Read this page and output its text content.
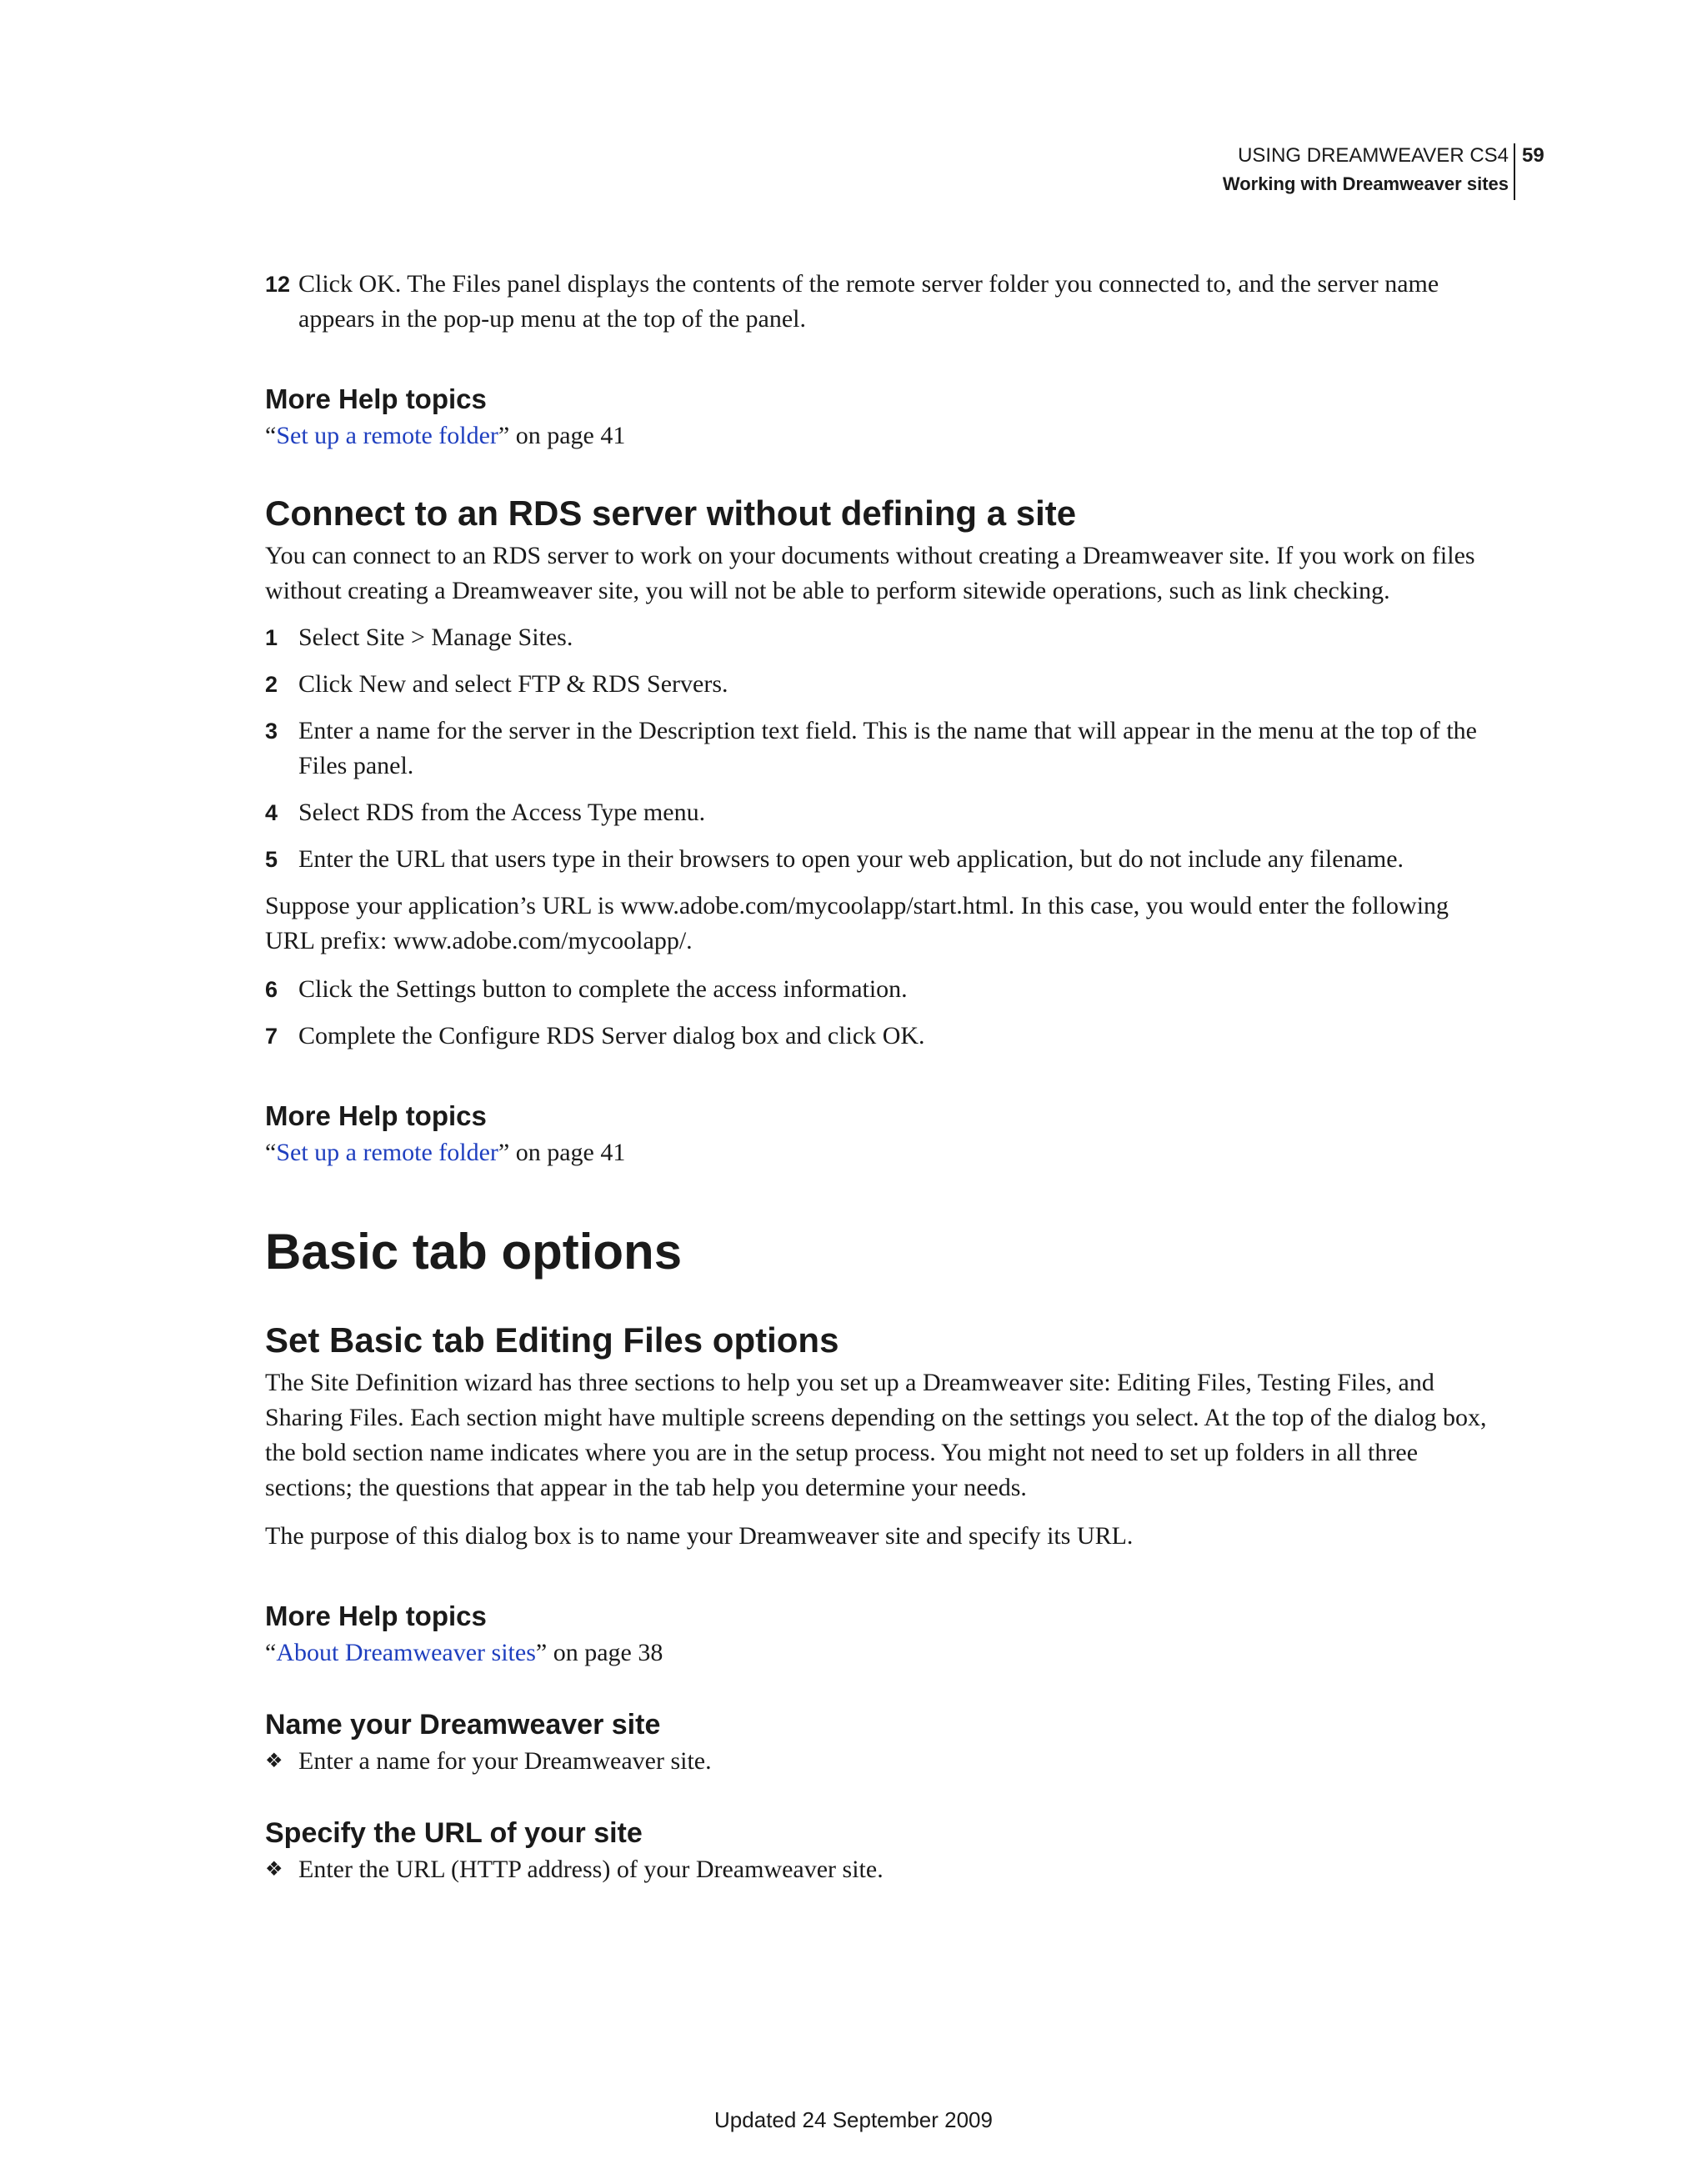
USING DREAMWEAVER CS4
Working with Dreamweaver sites
59
12 Click OK. The Files panel displays the contents of the remote server folder you connected to, and the server name appears in the pop-up menu at the top of the panel.
More Help topics

“Set up a remote folder” on page 41

Connect to an RDS server without defining a site

You can connect to an RDS server to work on your documents without creating a Dreamweaver site. If you work on files without creating a Dreamweaver site, you will not be able to perform sitewide operations, such as link checking.

1 Select Site > Manage Sites.
2 Click New and select FTP & RDS Servers.
3 Enter a name for the server in the Description text field. This is the name that will appear in the menu at the top of the Files panel.
4 Select RDS from the Access Type menu.
5 Enter the URL that users type in their browsers to open your web application, but do not include any filename.

Suppose your application’s URL is www.adobe.com/mycoolapp/start.html. In this case, you would enter the following URL prefix: www.adobe.com/mycoolapp/.

6 Click the Settings button to complete the access information.
7 Complete the Configure RDS Server dialog box and click OK.
More Help topics

“Set up a remote folder” on page 41

Basic tab options
Set Basic tab Editing Files options

The Site Definition wizard has three sections to help you set up a Dreamweaver site: Editing Files, Testing Files, and Sharing Files. Each section might have multiple screens depending on the settings you select. At the top of the dialog box, the bold section name indicates where you are in the setup process. You might not need to set up folders in all three sections; the questions that appear in the tab help you determine your needs.

The purpose of this dialog box is to name your Dreamweaver site and specify its URL.

More Help topics

“About Dreamweaver sites” on page 38

Name your Dreamweaver site
❖ Enter a name for your Dreamweaver site.
Specify the URL of your site
❖ Enter the URL (HTTP address) of your Dreamweaver site.
Updated 24 September 2009
